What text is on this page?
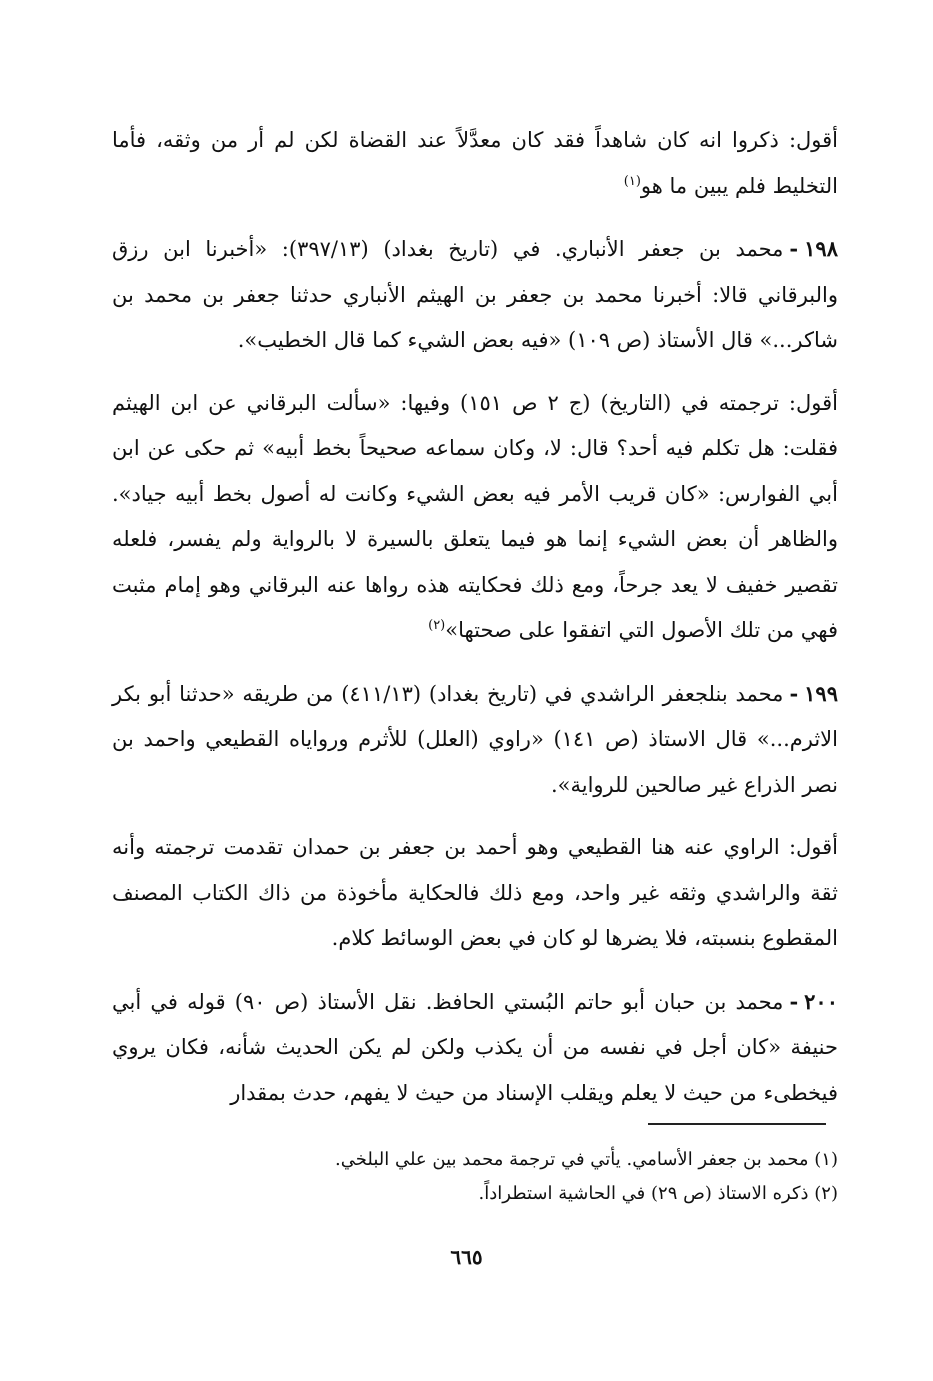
أقول: ذكروا انه كان شاهداً فقد كان معدَّلاً عند القضاة لكن لم أر من وثقه، فأما التخليط فلم يبين ما هو$^{(١)}$

١٩٨-محمد بن جعفر الأنباري. في (تاريخ بغداد) (٣٩٧/١٣): «أخبرنا ابن رزق والبرقاني قالا: أخبرنا محمد بن جعفر بن الهيثم الأنباري حدثنا جعفر بن محمد بن شاكر...» قال الأستاذ (ص ١٠٩) «فيه بعض الشيء كما قال الخطيب».

أقول: ترجمته في (التاريخ) (ج ٢ ص ١٥١) وفيها: «سألت البرقاني عن ابن الهيثم فقلت: هل تكلم فيه أحد؟ قال: لا، وكان سماعه صحيحاً بخط أبيه» ثم حكى عن ابن أبي الفوارس: «كان قريب الأمر فيه بعض الشيء وكانت له أصول بخط أبيه جياد». والظاهر أن بعض الشيء إنما هو فيما يتعلق بالسيرة لا بالرواية ولم يفسر، فلعله تقصير خفيف لا يعد جرحاً، ومع ذلك فحكايته هذه رواها عنه البرقاني وهو إمام مثبت فهي من تلك الأصول التي اتفقوا على صحتها»$^{(٢)}$

١٩٩-محمد بنلجعفر الراشدي في (تاريخ بغداد) (٤١١/١٣) من طريقه «حدثنا أبو بكر الاثرم...» قال الاستاذ (ص ١٤١) «راوي (العلل) للأثرم ورواياه القطيعي واحمد بن نصر الذراع غير صالحين للرواية».

أقول: الراوي عنه هنا القطيعي وهو أحمد بن جعفر بن حمدان تقدمت ترجمته وأنه ثقة والراشدي وثقه غير واحد، ومع ذلك فالحكاية مأخوذة من ذاك الكتاب المصنف المقطوع بنسبته، فلا يضرها لو كان في بعض الوسائط كلام.

٢٠٠-محمد بن حبان أبو حاتم البُستي الحافظ. نقل الأستاذ (ص ٩٠) قوله في أبي حنيفة «كان أجل في نفسه من أن يكذب ولكن لم يكن الحديث شأنه، فكان يروي فيخطىء من حيث لا يعلم ويقلب الإسناد من حيث لا يفهم، حدث بمقدار

(١) محمد بن جعفر الأسامي. يأتي في ترجمة محمد بين علي البلخي.

(٢) ذكره الاستاذ (ص ٢٩) في الحاشية استطراداً.

٦٦٥
